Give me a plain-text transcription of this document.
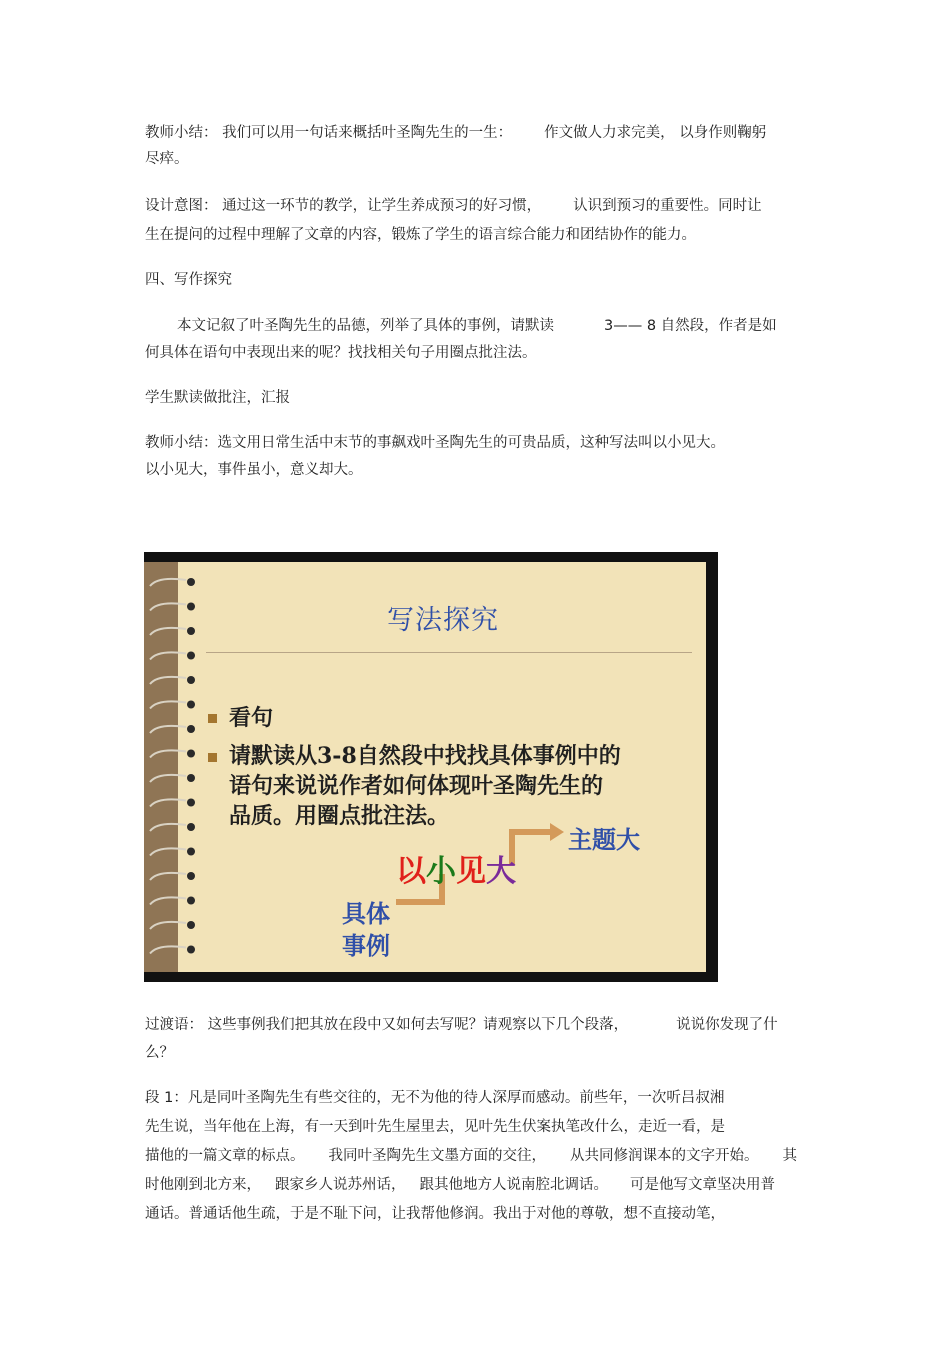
教师小结： 我们可以用一句话来概括叶圣陶先生的一生： 作文做人力求完美， 以身作则鞠躬
尽瘁。
设计意图： 通过这一环节的教学，让学生养成预习的好习惯， 认识到预习的重要性。同时让
生在提问的过程中理解了文章的内容，锻炼了学生的语言综合能力和团结协作的能力。
四、写作探究
本文记叙了叶圣陶先生的品德，列举了具体的事例，请默读	3—— 8 自然段，作者是如
何具体在语句中表现出来的呢？找找相关句子用圈点批注法。
学生默读做批注，汇报
教师小结：选文用日常生活中末节的事飙戏叶圣陶先生的可贵品质，这种写法叫以小见大。
以小见大，事件虽小，意义却大。
写法探究
看句
请默读从3-8自然段中找找具体事例中的
语句来说说作者如何体现叶圣陶先生的
品质。用圈点批注法。
以小见大
主题大
具体
事例
过渡语： 这些事例我们把其放在段中又如何去写呢？请观察以下几个段落，	说说你发现了什
么？
段 1：凡是同叶圣陶先生有些交往的，无不为他的待人深厚而感动。前些年，一次听吕叔湘
先生说，当年他在上海，有一天到叶先生屋里去，见叶先生伏案执笔改什么，走近一看，是
描他的一篇文章的标点。 我同叶圣陶先生文墨方面的交往， 从共同修润课本的文字开始。 其
时他刚到北方来， 跟家乡人说苏州话， 跟其他地方人说南腔北调话。 可是他写文章坚决用普
通话。普通话他生疏，于是不耻下问，让我帮他修润。我出于对他的尊敬，想不直接动笔，
